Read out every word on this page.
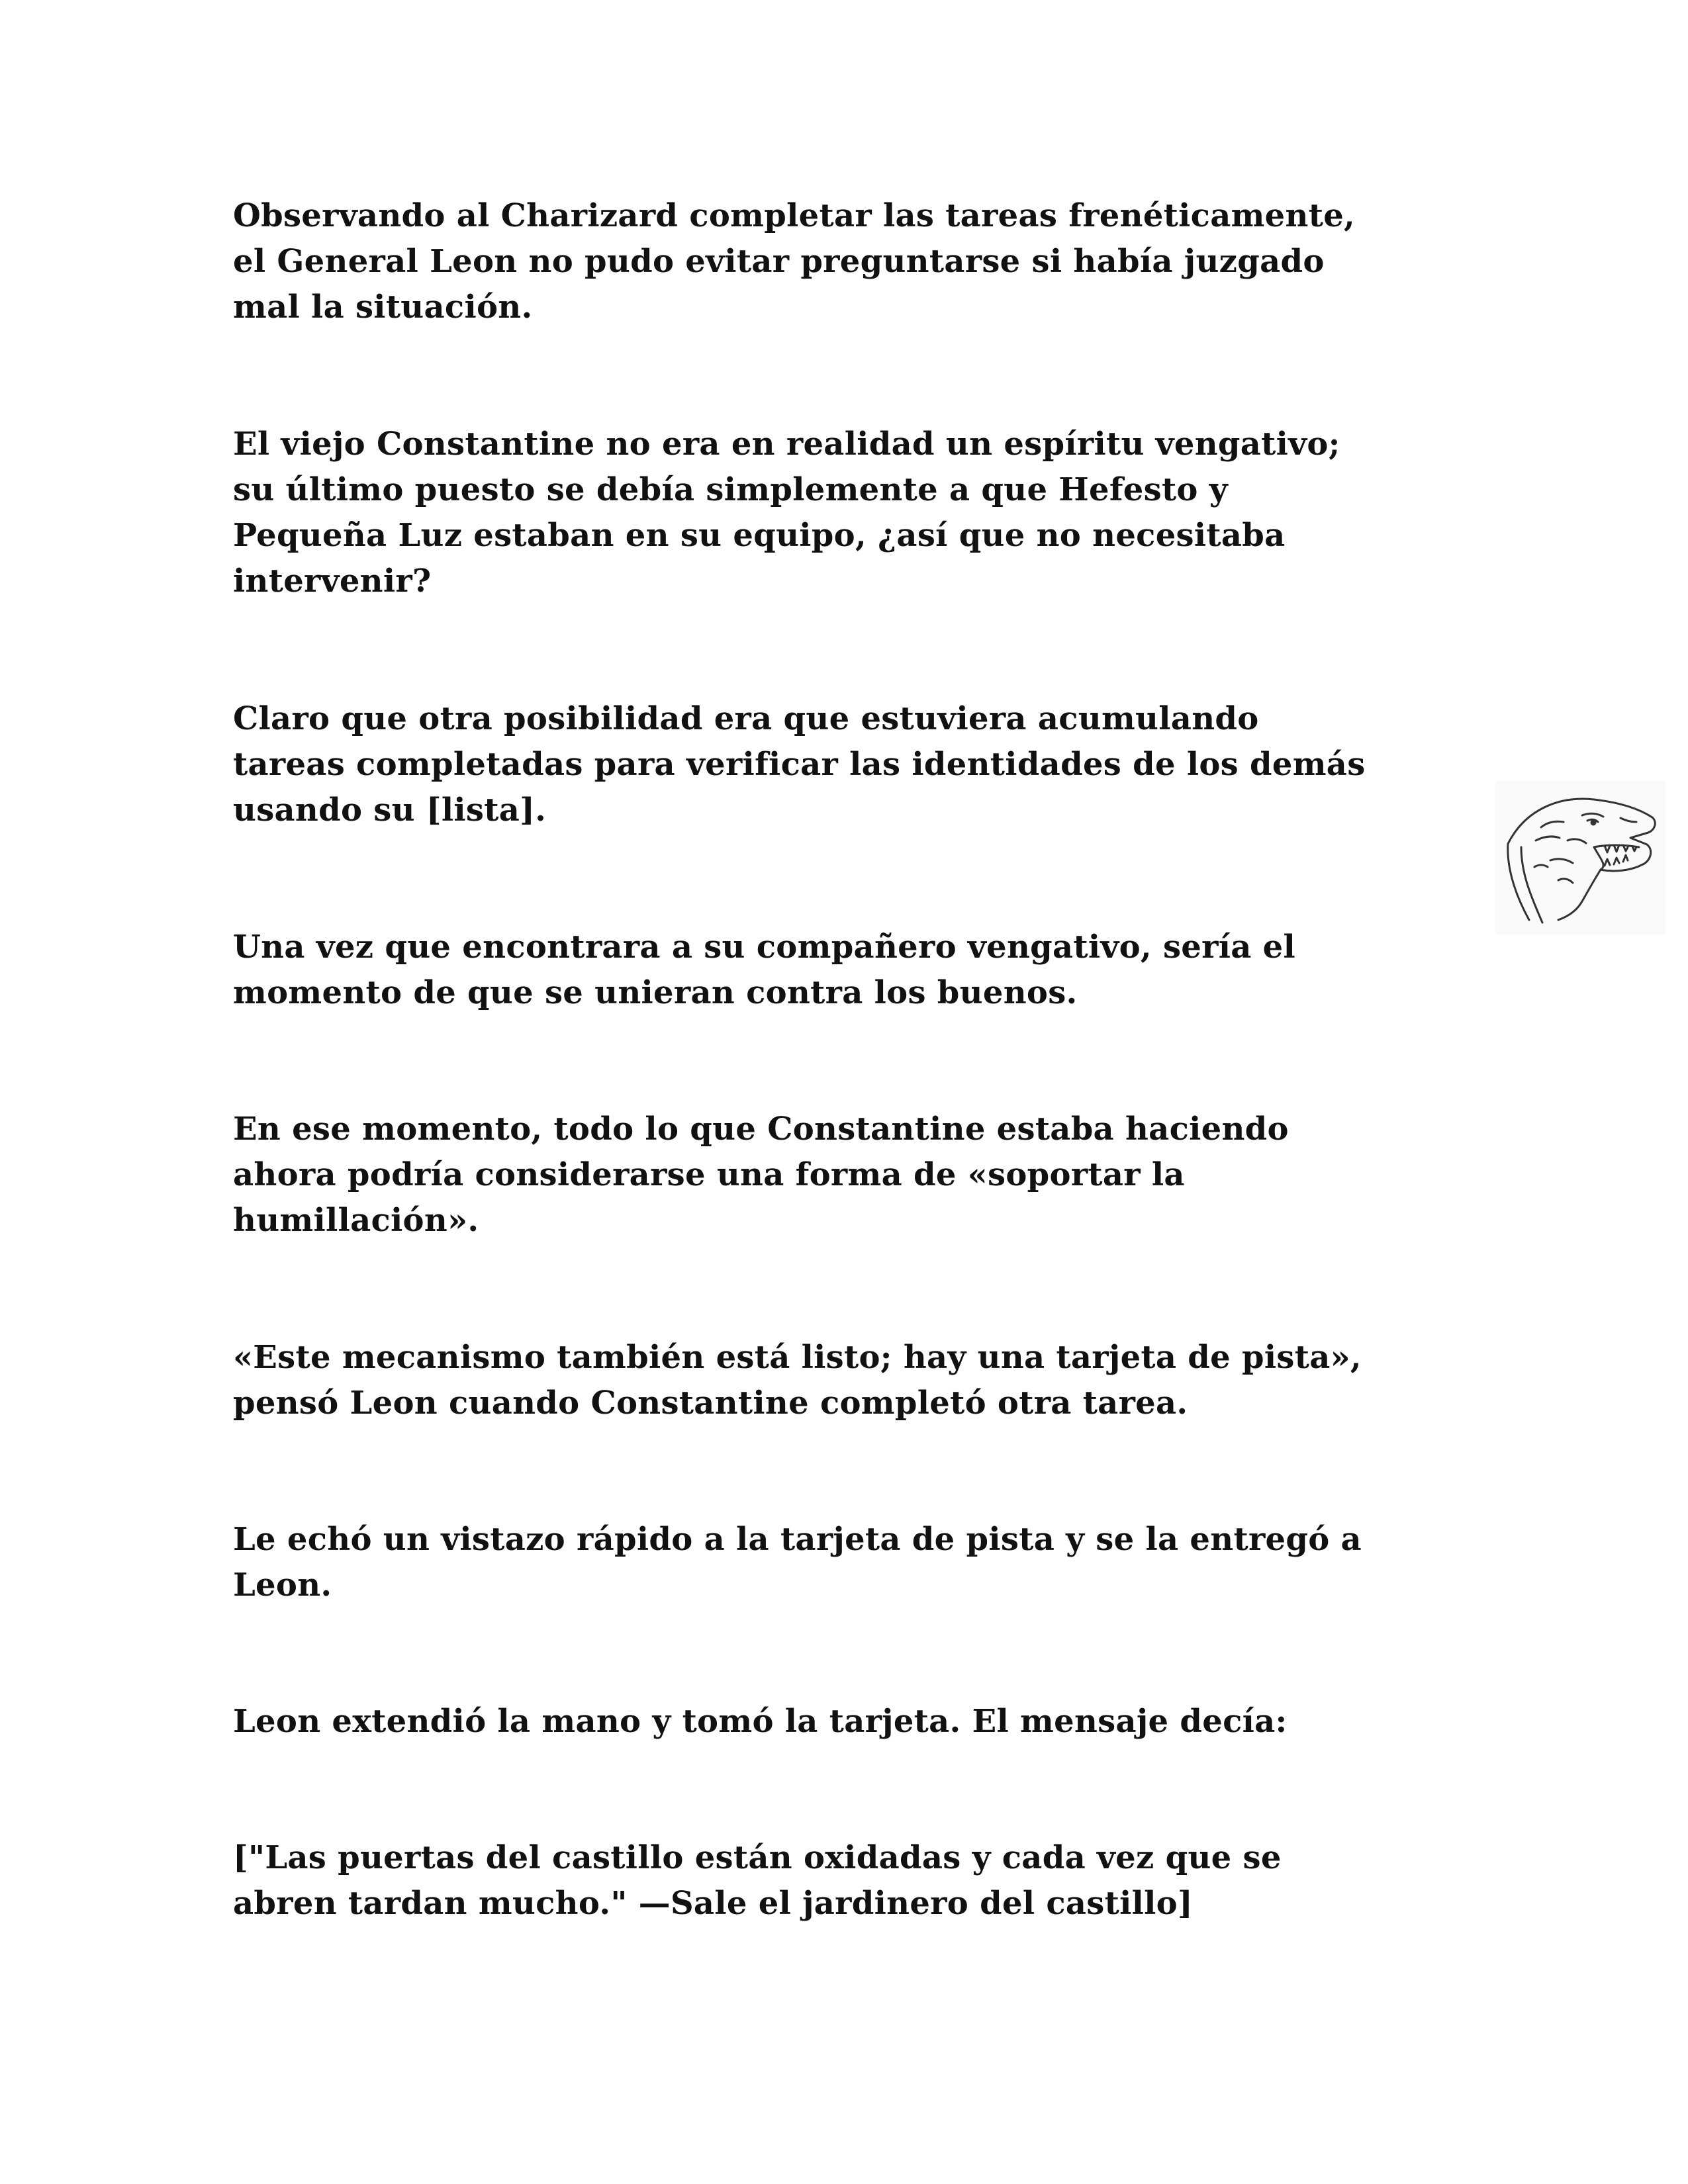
Observando al Charizard completar las tareas frenéticamente,
el General Leon no pudo evitar preguntarse si había juzgado
mal la situación.

El viejo Constantine no era en realidad un espíritu vengativo;
su último puesto se debía simplemente a que Hefesto y
Pequeña Luz estaban en su equipo, ¿así que no necesitaba
intervenir?

Claro que otra posibilidad era que estuviera acumulando
tareas completadas para verificar las identidades de los demás
usando su [lista].

Una vez que encontrara a su compañero vengativo, sería el
momento de que se unieran contra los buenos.

En ese momento, todo lo que Constantine estaba haciendo
ahora podría considerarse una forma de «soportar la
humillación».

«Este mecanismo también está listo; hay una tarjeta de pista»,
pensó Leon cuando Constantine completó otra tarea.

Le echó un vistazo rápido a la tarjeta de pista y se la entregó a
Leon.

Leon extendió la mano y tomó la tarjeta. El mensaje decía:

["Las puertas del castillo están oxidadas y cada vez que se
abren tardan mucho." —Sale el jardinero del castillo]
